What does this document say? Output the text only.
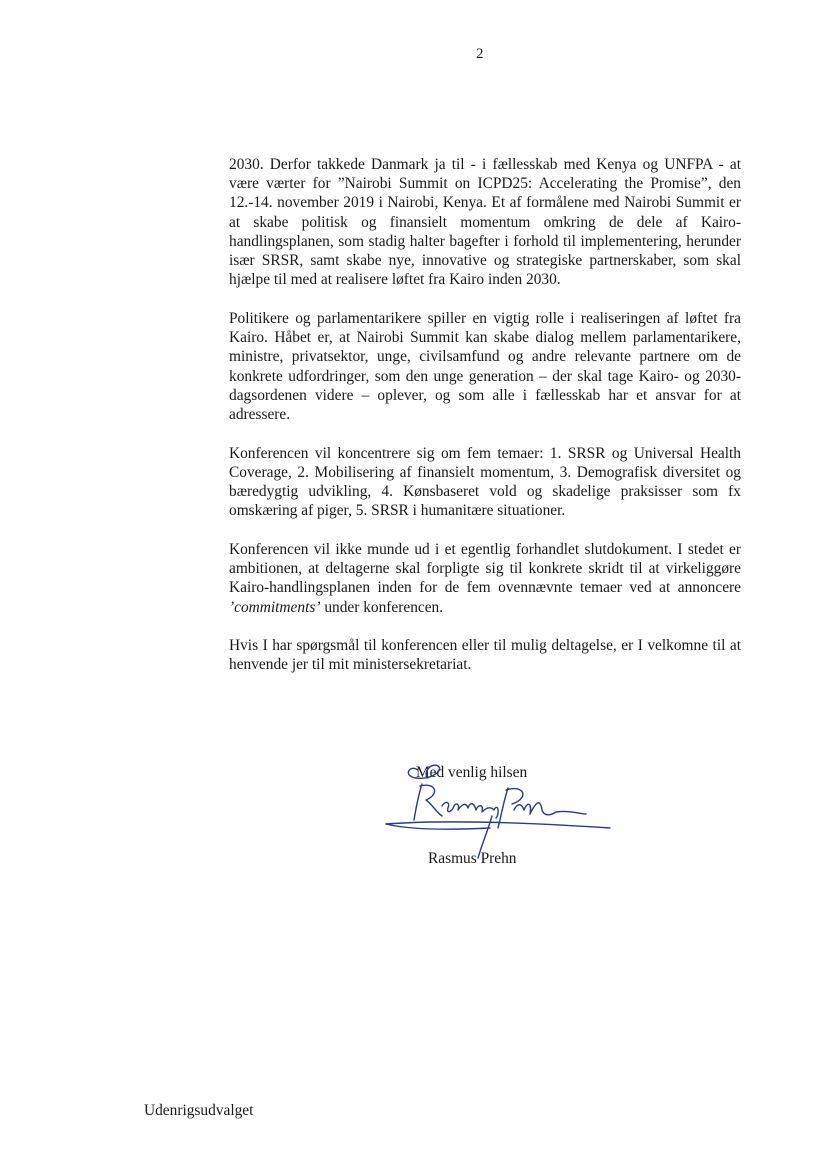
2

2030. Derfor takkede Danmark ja til - i fællesskab med Kenya og UNFPA - at være værter for ”Nairobi Summit on ICPD25: Accelerating the Promise”, den 12.-14. november 2019 i Nairobi, Kenya. Et af formålene med Nairobi Summit er at skabe politisk og finansielt momentum omkring de dele af Kairo-handlingsplanen, som stadig halter bagefter i forhold til implementering, herunder især SRSR, samt skabe nye, innovative og strategiske partnerskaber, som skal hjælpe til med at realisere løftet fra Kairo inden 2030.

Politikere og parlamentarikere spiller en vigtig rolle i realiseringen af løftet fra Kairo. Håbet er, at Nairobi Summit kan skabe dialog mellem parlamentarikere, ministre, privatsektor, unge, civilsamfund og andre relevante partnere om de konkrete udfordringer, som den unge generation – der skal tage Kairo- og 2030-dagsordenen videre – oplever, og som alle i fællesskab har et ansvar for at adressere.

Konferencen vil koncentrere sig om fem temaer: 1. SRSR og Universal Health Coverage, 2. Mobilisering af finansielt momentum, 3. Demografisk diversitet og bæredygtig udvikling, 4. Kønsbaseret vold og skadelige praksisser som fx omskæring af piger, 5. SRSR i humanitære situationer.

Konferencen vil ikke munde ud i et egentlig forhandlet slutdokument. I stedet er ambitionen, at deltagerne skal forpligte sig til konkrete skridt til at virkeliggøre Kairo-handlingsplanen inden for de fem ovennævnte temaer ved at annoncere ’commitments’ under konferencen.

Hvis I har spørgsmål til konferencen eller til mulig deltagelse, er I velkomne til at henvende jer til mit ministersekretariat.

Med venlig hilsen
Rasmus Prehn
Udenrigsudvalget
